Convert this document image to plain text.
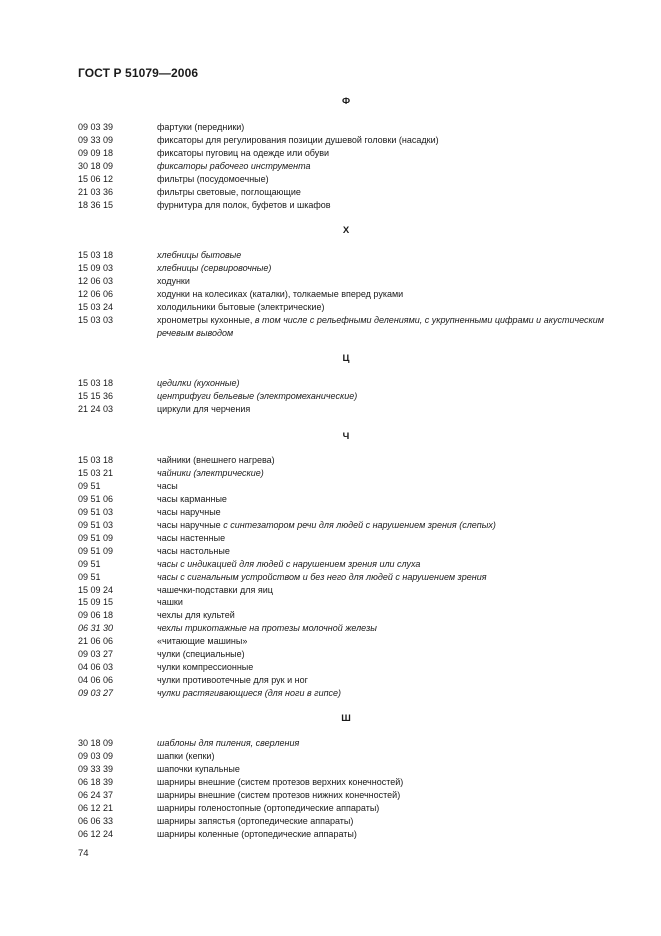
ГОСТ Р 51079—2006
Ф
09 03 39	фартуки (передники)
09 33 09	фиксаторы для регулирования позиции душевой головки (насадки)
09 09 18	фиксаторы пуговиц на одежде или обуви
30 18 09	фиксаторы рабочего инструмента
15 06 12	фильтры (посудомоечные)
21 03 36	фильтры световые, поглощающие
18 36 15	фурнитура для полок, буфетов и шкафов
Х
15 03 18	хлебницы бытовые
15 09 03	хлебницы (сервировочные)
12 06 03	ходунки
12 06 06	ходунки на колесиках (каталки), толкаемые вперед руками
15 03 24	холодильники бытовые (электрические)
15 03 03	хронометры кухонные, в том числе с рельефными делениями, с укрупненными цифрами и акустическим речевым выводом
Ц
15 03 18	цедилки (кухонные)
15 15 36	центрифуги бельевые (электромеханические)
21 24 03	циркули для черчения
Ч
15 03 18	чайники (внешнего нагрева)
15 03 21	чайники (электрические)
09 51	часы
09 51 06	часы карманные
09 51 03	часы наручные
09 51 03	часы наручные с синтезатором речи для людей с нарушением зрения (слепых)
09 51 09	часы настенные
09 51 09	часы настольные
09 51	часы с индикацией для людей с нарушением зрения или слуха
09 51	часы с сигнальным устройством и без него для людей с нарушением зрения
15 09 24	чашечки-подставки для яиц
15 09 15	чашки
09 06 18	чехлы для культей
06 31 30	чехлы трикотажные на протезы молочной железы
21 06 06	«читающие машины»
09 03 27	чулки (специальные)
04 06 03	чулки компрессионные
04 06 06	чулки противоотечные для рук и ног
09 03 27	чулки растягивающиеся (для ноги в гипсе)
Ш
30 18 09	шаблоны для пиления, сверления
09 03 09	шапки (кепки)
09 33 39	шапочки купальные
06 18 39	шарниры внешние (систем протезов верхних конечностей)
06 24 37	шарниры внешние (систем протезов нижних конечностей)
06 12 21	шарниры голеностопные (ортопедические аппараты)
06 06 33	шарниры запястья (ортопедические аппараты)
06 12 24	шарниры коленные (ортопедические аппараты)
74
